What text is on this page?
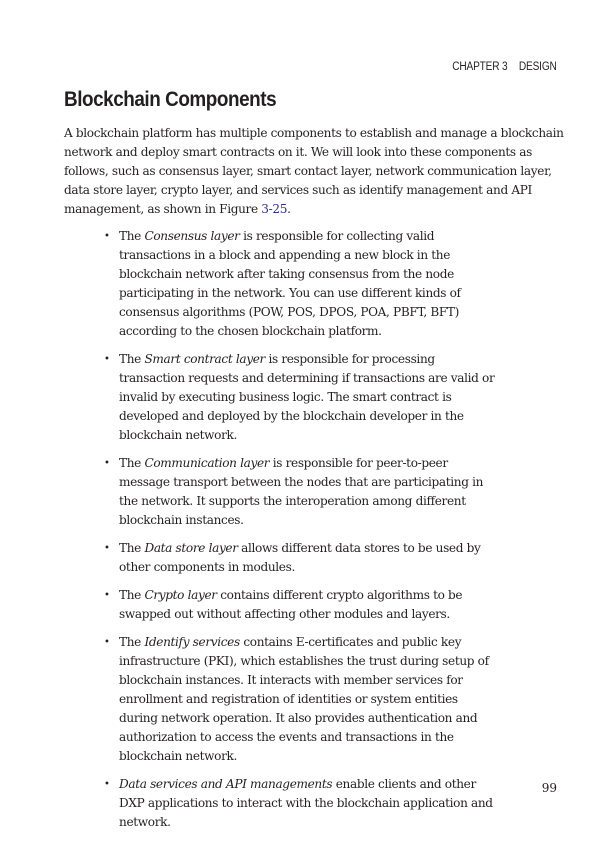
CHAPTER 3 DESIGN
Blockchain Components

A blockchain platform has multiple components to establish and manage a blockchain network and deploy smart contracts on it. We will look into these components as follows, such as consensus layer, smart contact layer, network communication layer, data store layer, crypto layer, and services such as identify management and API management, as shown in Figure 3-25.

• The Consensus layer is responsible for collecting valid transactions in a block and appending a new block in the blockchain network after taking consensus from the node participating in the network. You can use different kinds of consensus algorithms (POW, POS, DPOS, POA, PBFT, BFT) according to the chosen blockchain platform.
• The Smart contract layer is responsible for processing transaction requests and determining if transactions are valid or invalid by executing business logic. The smart contract is developed and deployed by the blockchain developer in the blockchain network.
• The Communication layer is responsible for peer-to-peer message transport between the nodes that are participating in the network. It supports the interoperation among different blockchain instances.
• The Data store layer allows different data stores to be used by other components in modules.
• The Crypto layer contains different crypto algorithms to be swapped out without affecting other modules and layers.
• The Identify services contains E-certificates and public key infrastructure (PKI), which establishes the trust during setup of blockchain instances. It interacts with member services for enrollment and registration of identities or system entities during network operation. It also provides authentication and authorization to access the events and transactions in the blockchain network.
• Data services and API managements enable clients and other DXP applications to interact with the blockchain application and network.
99
